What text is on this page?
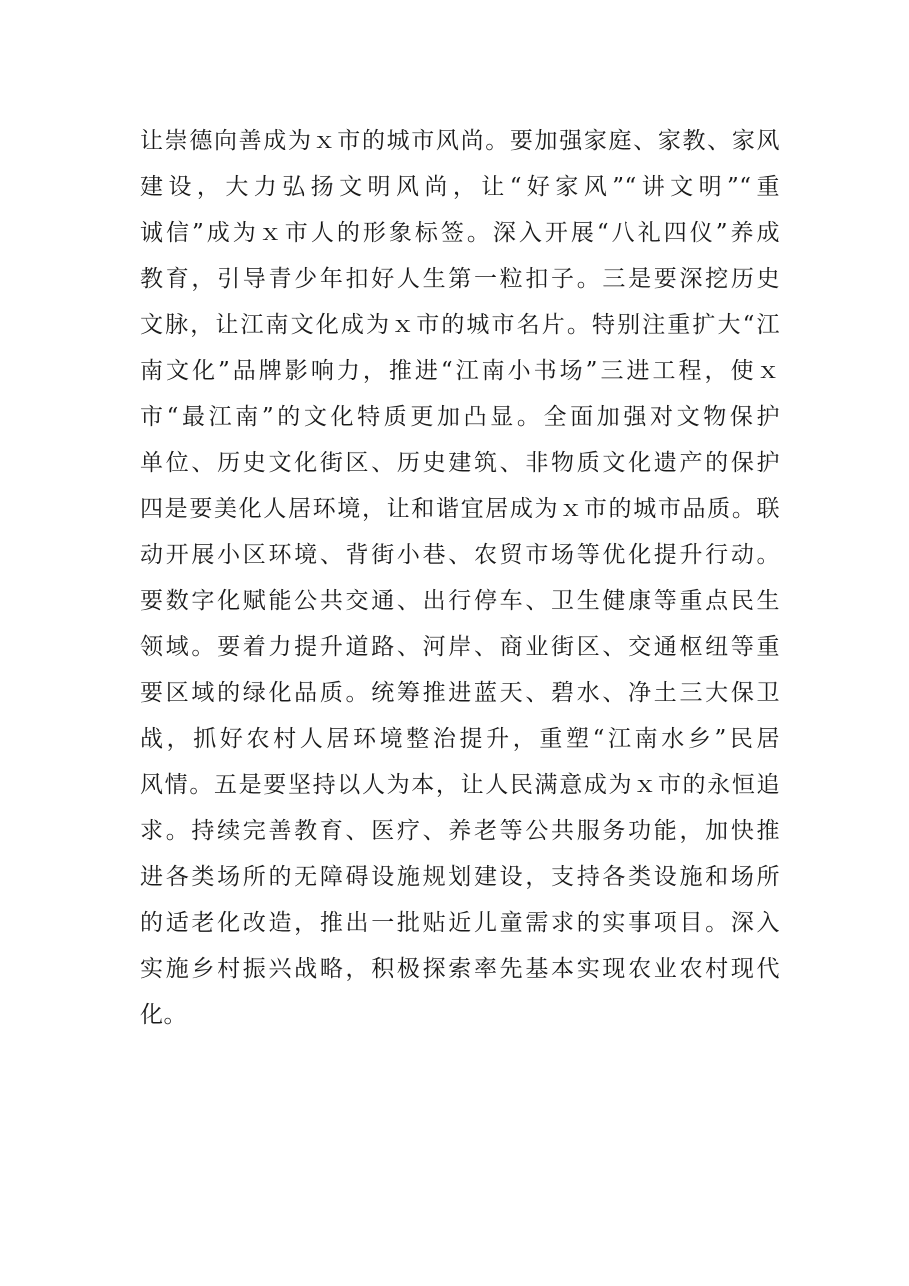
让崇德向善成为ｘ市的城市风尚。要加强家庭、家教、家风
建设，大力弘扬文明风尚，让“好家风”“讲文明”“重
诚信”成为ｘ市人的形象标签。深入开展“八礼四仪”养成
教育，引导青少年扣好人生第一粒扣子。三是要深挖历史
文脉，让江南文化成为ｘ市的城市名片。特别注重扩大“江
南文化”品牌影响力，推进“江南小书场”三进工程，使ｘ
市“最江南”的文化特质更加凸显。全面加强对文物保护
单位、历史文化街区、历史建筑、非物质文化遗产的保护
四是要美化人居环境，让和谐宜居成为ｘ市的城市品质。联
动开展小区环境、背街小巷、农贸市场等优化提升行动。
要数字化赋能公共交通、出行停车、卫生健康等重点民生
领域。要着力提升道路、河岸、商业街区、交通枢纽等重
要区域的绿化品质。统筹推进蓝天、碧水、净土三大保卫
战，抓好农村人居环境整治提升，重塑“江南水乡”民居
风情。五是要坚持以人为本，让人民满意成为ｘ市的永恒追
求。持续完善教育、医疗、养老等公共服务功能，加快推
进各类场所的无障碍设施规划建设，支持各类设施和场所
的适老化改造，推出一批贴近儿童需求的实事项目。深入
实施乡村振兴战略，积极探索率先基本实现农业农村现代
化。
